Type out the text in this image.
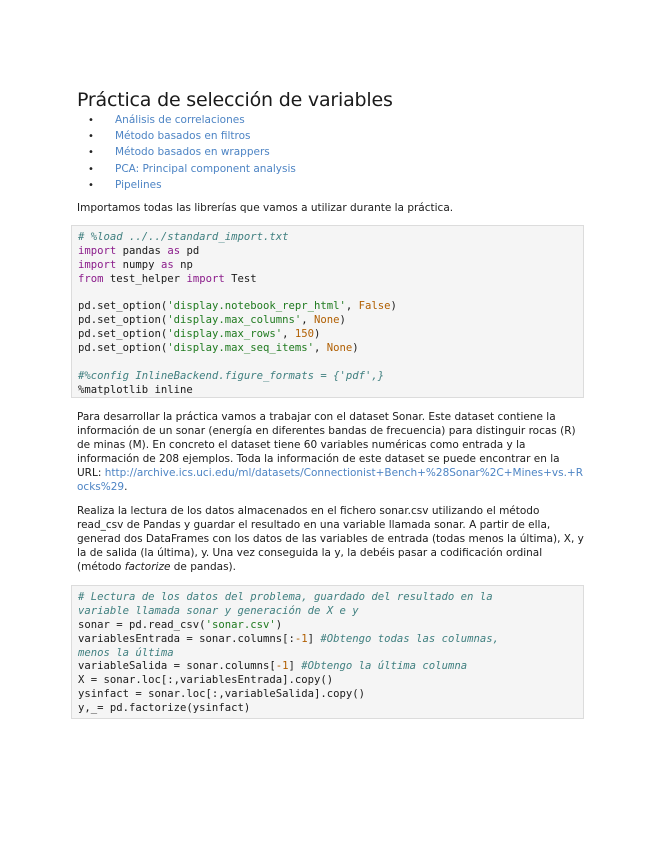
Práctica de selección de variables
• Análisis de correlaciones
• Método basados en filtros
• Método basados en wrappers
• PCA: Principal component analysis
• Pipelines
Importamos todas las librerías que vamos a utilizar durante la práctica.
# %load ../../standard_import.txt
import pandas as pd
import numpy as np
from test_helper import Test
pd.set_option('display.notebook_repr_html', False)
pd.set_option('display.max_columns', None)
pd.set_option('display.max_rows', 150)
pd.set_option('display.max_seq_items', None)
#%config InlineBackend.figure_formats = {'pdf',}
%matplotlib inline
Para desarrollar la práctica vamos a trabajar con el dataset Sonar. Este dataset contiene la información de un sonar (energía en diferentes bandas de frecuencia) para distinguir rocas (R) de minas (M). En concreto el dataset tiene 60 variables numéricas como entrada y la información de 208 ejemplos. Toda la información de este dataset se puede encontrar en la URL: http://archive.ics.uci.edu/ml/datasets/Connectionist+Bench+%28Sonar%2C+Mines+vs.+Rocks%29.
Realiza la lectura de los datos almacenados en el fichero sonar.csv utilizando el método read_csv de Pandas y guardar el resultado en una variable llamada sonar. A partir de ella, generad dos DataFrames con los datos de las variables de entrada (todas menos la última), X, y la de salida (la última), y. Una vez conseguida la y, la debéis pasar a codificación ordinal (método factorize de pandas).
# Lectura de los datos del problema, guardado del resultado en la
variable llamada sonar y generación de X e y
sonar = pd.read_csv('sonar.csv')
variablesEntrada = sonar.columns[:-1] #Obtengo todas las columnas,
menos la última
variableSalida = sonar.columns[-1] #Obtengo la última columna
X = sonar.loc[:,variablesEntrada].copy()
ysinfact = sonar.loc[:,variableSalida].copy()
y,_= pd.factorize(ysinfact)
